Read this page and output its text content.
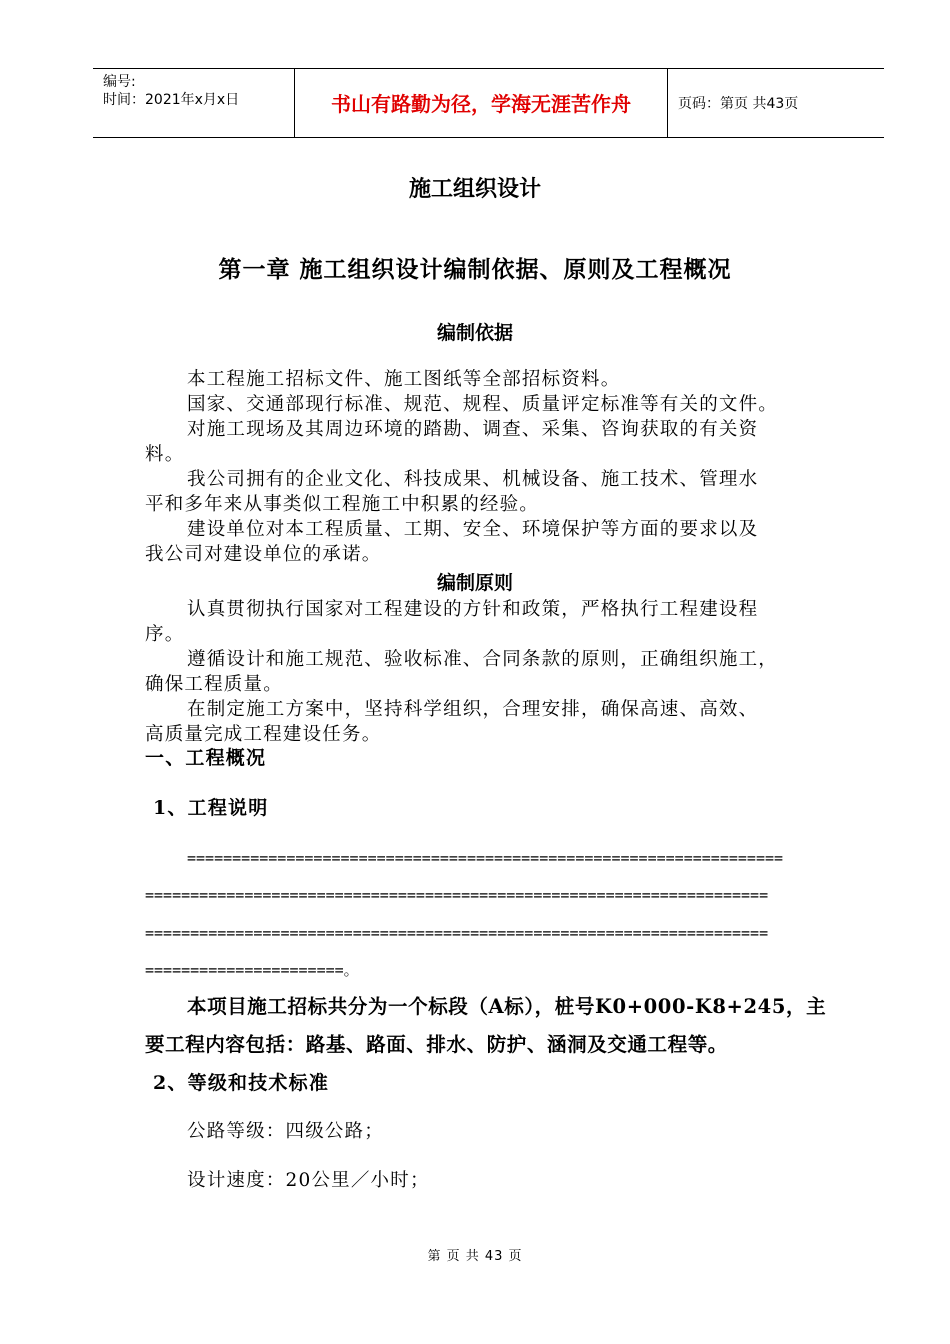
编号:
时间：2021年x月x日	书山有路勤为径，学海无涯苦作舟	页码：第页 共43页
施工组织设计
第一章 施工组织设计编制依据、原则及工程概况
编制依据
本工程施工招标文件、施工图纸等全部招标资料。
国家、交通部现行标准、规范、规程、质量评定标准等有关的文件。
对施工现场及其周边环境的踏勘、调查、采集、咨询获取的有关资
料。
我公司拥有的企业文化、科技成果、机械设备、施工技术、管理水
平和多年来从事类似工程施工中积累的经验。
建设单位对本工程质量、工期、安全、环境保护等方面的要求以及
我公司对建设单位的承诺。
编制原则
认真贯彻执行国家对工程建设的方针和政策，严格执行工程建设程
序。
遵循设计和施工规范、验收标准、合同条款的原则，正确组织施工，
确保工程质量。
在制定施工方案中，坚持科学组织，合理安排，确保高速、高效、
高质量完成工程建设任务。
一、工程概况
1、工程说明
==================================================================
=====================================================================
=====================================================================
======================。
本项目施工招标共分为一个标段（A标），桩号K0+000-K8+245，主
要工程内容包括：路基、路面、排水、防护、涵洞及交通工程等。
2、等级和技术标准
公路等级：四级公路；
设计速度：20公里／小时；
第 页 共 43 页
